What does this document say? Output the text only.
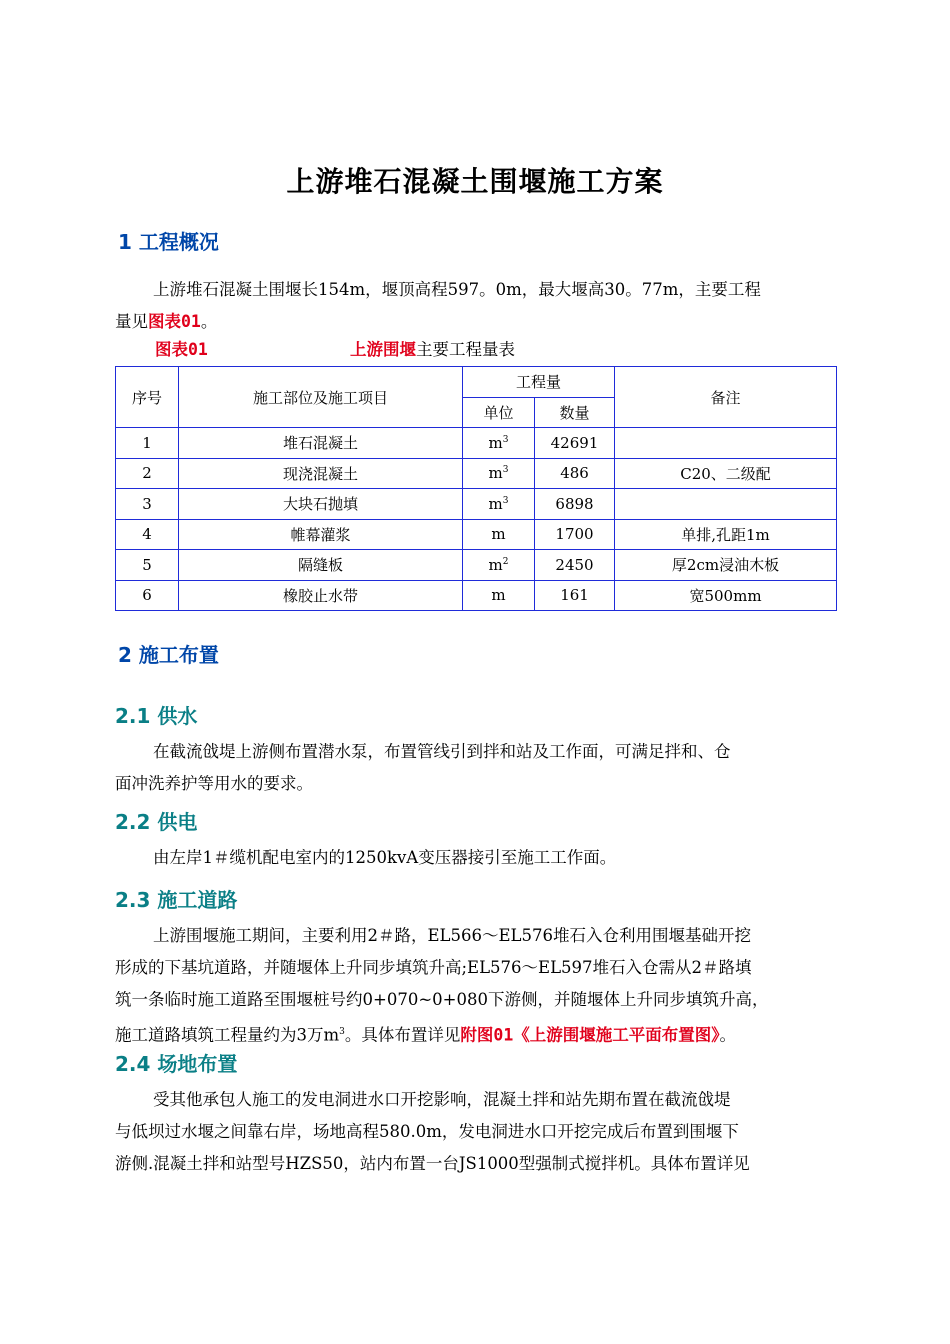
上游堆石混凝土围堰施工方案
1 工程概况
上游堆石混凝土围堰长154m，堰顶高程597。0m，最大堰高30。77m，主要工程
量见图表01。
图表01	上游围堰主要工程量表
序号	施工部位及施工项目	工程量		备注
		单位	数量	
1	堆石混凝土	$m^3$	42691	
2	现浇混凝土	$m^3$	486	C20、二级配
3	大块石抛填	$m^3$	6898	
4	帷幕灌浆	m	1700	单排,孔距1m
5	隔缝板	$m^2$	2450	厚2cm浸油木板
6	橡胶止水带	m	161	宽500mm
2 施工布置
2.1 供水
在截流戗堤上游侧布置潜水泵，布置管线引到拌和站及工作面，可满足拌和、仓
面冲洗养护等用水的要求。
2.2 供电
由左岸1＃缆机配电室内的1250kvA变压器接引至施工工作面。
2.3 施工道路
上游围堰施工期间，主要利用2＃路，EL566～EL576堆石入仓利用围堰基础开挖
形成的下基坑道路，并随堰体上升同步填筑升高;EL576～EL597堆石入仓需从2＃路填
筑一条临时施工道路至围堰桩号约0+070~0+080下游侧，并随堰体上升同步填筑升高，
施工道路填筑工程量约为3万$m^3$。具体布置详见附图01《上游围堰施工平面布置图》。
2.4 场地布置
受其他承包人施工的发电洞进水口开挖影响，混凝土拌和站先期布置在截流戗堤
与低坝过水堰之间靠右岸，场地高程580.0m，发电洞进水口开挖完成后布置到围堰下
游侧.混凝土拌和站型号HZS50，站内布置一台JS1000型强制式搅拌机。具体布置详见
